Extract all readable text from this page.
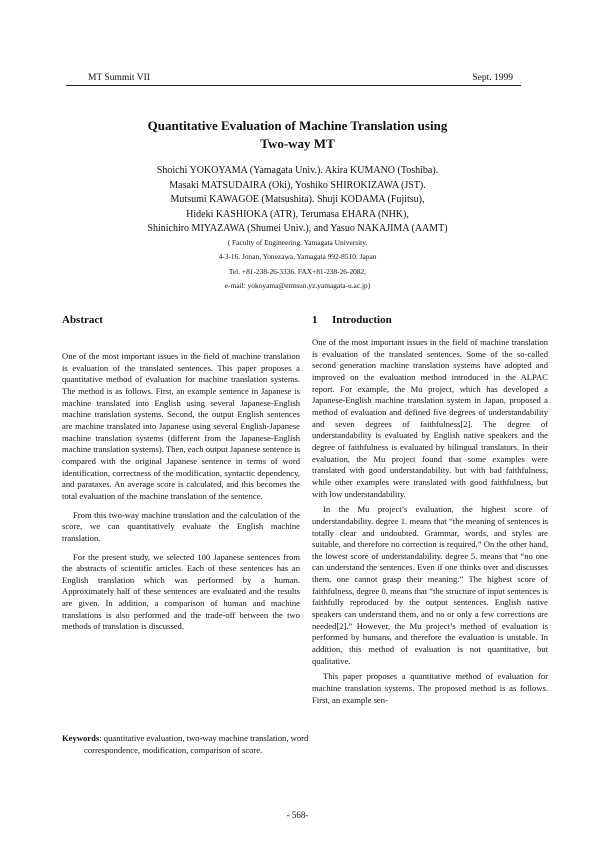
MT Summit VII	Sept. 1999
Quantitative Evaluation of Machine Translation using
Two-way MT
Shoichi YOKOYAMA (Yamagata Univ.). Akira KUMANO (Toshiba).
Masaki MATSUDAIRA (Oki), Yoshiko SHIROKIZAWA (JST).
Mutsumi KAWAGOE (Matsushita). Shuji KODAMA (Fujitsu),
Hideki KASHIOKA (ATR), Terumasa EHARA (NHK),
Shinichiro MIYAZAWA (Shumei Univ.), and Yasuo NAKAJIMA (AAMT)
( Faculty of Engineering. Yamagata University.
4-3-16. Jonan, Yonezawa, Yamagata 992-8510. Japan
Tel. +81-238-26-3336. FAX+81-238-26-2082,
e-mail: yokoyama@emtsun.yz.yamagata-u.ac.jp)
Abstract

One of the most important issues in the field of machine translation is evaluation of the translated sentences. This paper proposes a quantitative method of evaluation for machine translation systems. The method is as follows. First, an example sentence in Japanese is machine translated into English using several Japanese-English machine translation systems. Second, the output English sentences are machine translated into Japanese using several English-Japanese machine translation systems (different from the Japanese-English machine translation systems). Then, each output Japanese sentence is compared with the original Japanese sentence in terms of word identification, correctness of the modification, syntactic dependency, and parataxes. An average score is calculated, and this becomes the total evaluation of the machine translation of the sentence.

From this two-way machine translation and the calculation of the score, we can quantitatively evaluate the English machine translation.

For the present study, we selected 100 Japanese sentences from the abstracts of scientific articles. Each of these sentences has an English translation which was performed by a human. Approximately half of these sentences are evaluated and the results are given. In addition, a comparison of human and machine translations is also performed and the trade-off between the two methods of translation is discussed.

Keywords: quantitative evaluation, two-way machine translation, word correspondence, modification, comparison of score.
1 Introduction

One of the most important issues in the field of machine translation is evaluation of the translated sentences. Some of the so-called second generation machine translation systems have adopted and improved on the evaluation method introduced in the ALPAC report. For example, the Mu project, which has developed a Japanese-English machine translation system in Japan, proposed a method of evaluation and defined five degrees of understandability and seven degrees of faithfulness[2]. The degree of understandability is evaluated by English native speakers and the degree of faithfulness is evaluated by bilingual translators. In their evaluation, the Mu project found that some examples were translated with good understandability. but with bad faithfulness, while other examples were translated with good faithfulness, but with low understandability.

In the Mu project’s evaluation, the highest score of understandability. degree 1. means that “the meaning of sentences is totally clear and undoubted. Grammar, words, and styles are suitable, and therefore no correction is required.” On the other hand, the lowest score of understandability. degree 5. means that “no one can understand the sentences. Even if one thinks over and discusses them, one cannot grasp their meaning.” The highest score of faithfulness, degree 0. means that “the structure of input sentences is faithfully reproduced by the output sentences. English native speakers can understand them, and no or only a few corrections are needed[2].” However, the Mu project’s method of evaluation is performed by humans, and therefore the evaluation is unstable. In addition, this method of evaluation is not quantitative, but qualitative.

This paper proposes a quantitative method of evaluation for machine translation systems. The proposed method is as follows. First, an example sen-

- 568-
